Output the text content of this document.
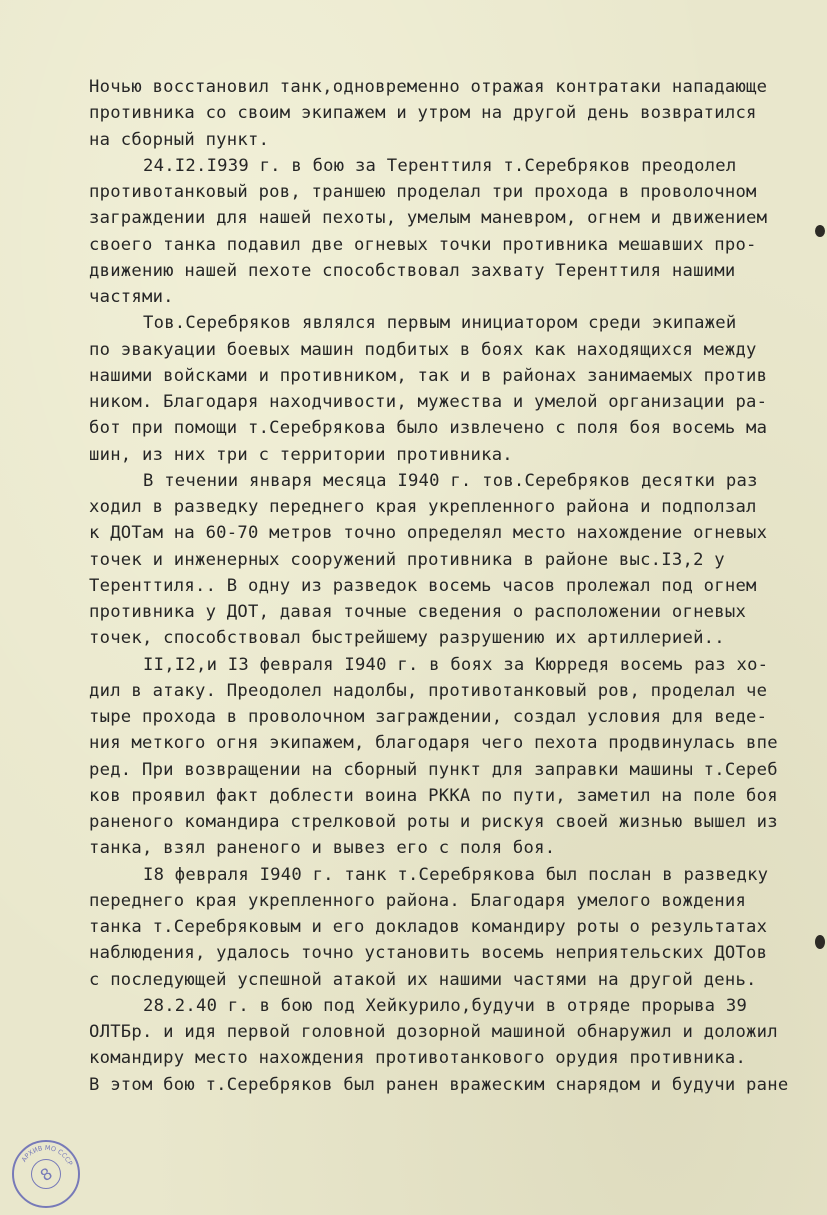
Ночью восстановил танк,одновременно отражая контратаки нападающе
противника со своим экипажем и утром на другой день возвратился
на сборный пункт.
24.I2.I939 г. в бою за Теренттиля т.Серебряков преодолел
противотанковый ров, траншею проделал три прохода в проволочном
заграждении для нашей пехоты, умелым маневром, огнем и движением
своего танка подавил две огневых точки противника мешавших про-
движению нашей пехоте способствовал захвату Теренттиля нашими
частями.
Тов.Серебряков являлся первым инициатором среди экипажей
по эвакуации боевых машин подбитых в боях как находящихся между
нашими войсками и противником, так и в районах занимаемых против
ником. Благодаря находчивости, мужества и умелой организации ра-
бот при помощи т.Серебрякова было извлечено с поля боя восемь ма
шин, из них три с территории противника.
В течении января месяца I940 г. тов.Серебряков десятки раз
ходил в разведку переднего края укрепленного района и подползал
к ДОТам на 60-70 метров точно определял место нахождение огневых
точек и инженерных сооружений противника в районе выс.I3,2 у
Теренттиля.. В одну из разведок восемь часов пролежал под огнем
противника у ДОТ, давая точные сведения о расположении огневых
точек, способствовал быстрейшему разрушению их артиллерией..
II,I2,и I3 февраля I940 г. в боях за Кюрредя восемь раз хо-
дил в атаку. Преодолел надолбы, противотанковый ров, проделал че
тыре прохода в проволочном заграждении, создал условия для веде-
ния меткого огня экипажем, благодаря чего пехота продвинулась впе
ред. При возвращении на сборный пункт для заправки машины т.Сереб
ков проявил факт доблести воина РККА по пути, заметил на поле боя
раненого командира стрелковой роты и рискуя своей жизнью вышел из
танка, взял раненого и вывез его с поля боя.
I8 февраля I940 г. танк т.Серебрякова был послан в разведку
переднего края укрепленного района. Благодаря умелого вождения
танка т.Серебряковым и его докладов командиру роты о результатах
наблюдения, удалось точно установить восемь неприятельских ДОТов
с последующей успешной атакой их нашими частями на другой день.
28.2.40 г. в бою под Хейкурило,будучи в отряде прорыва 39
ОЛТБр. и идя первой головной дозорной машиной обнаружил и доложил
командиру место нахождения противотанкового орудия противника.
В этом бою т.Серебряков был ранен вражеским снарядом и будучи ране
АРХИВ МО СССР
8
